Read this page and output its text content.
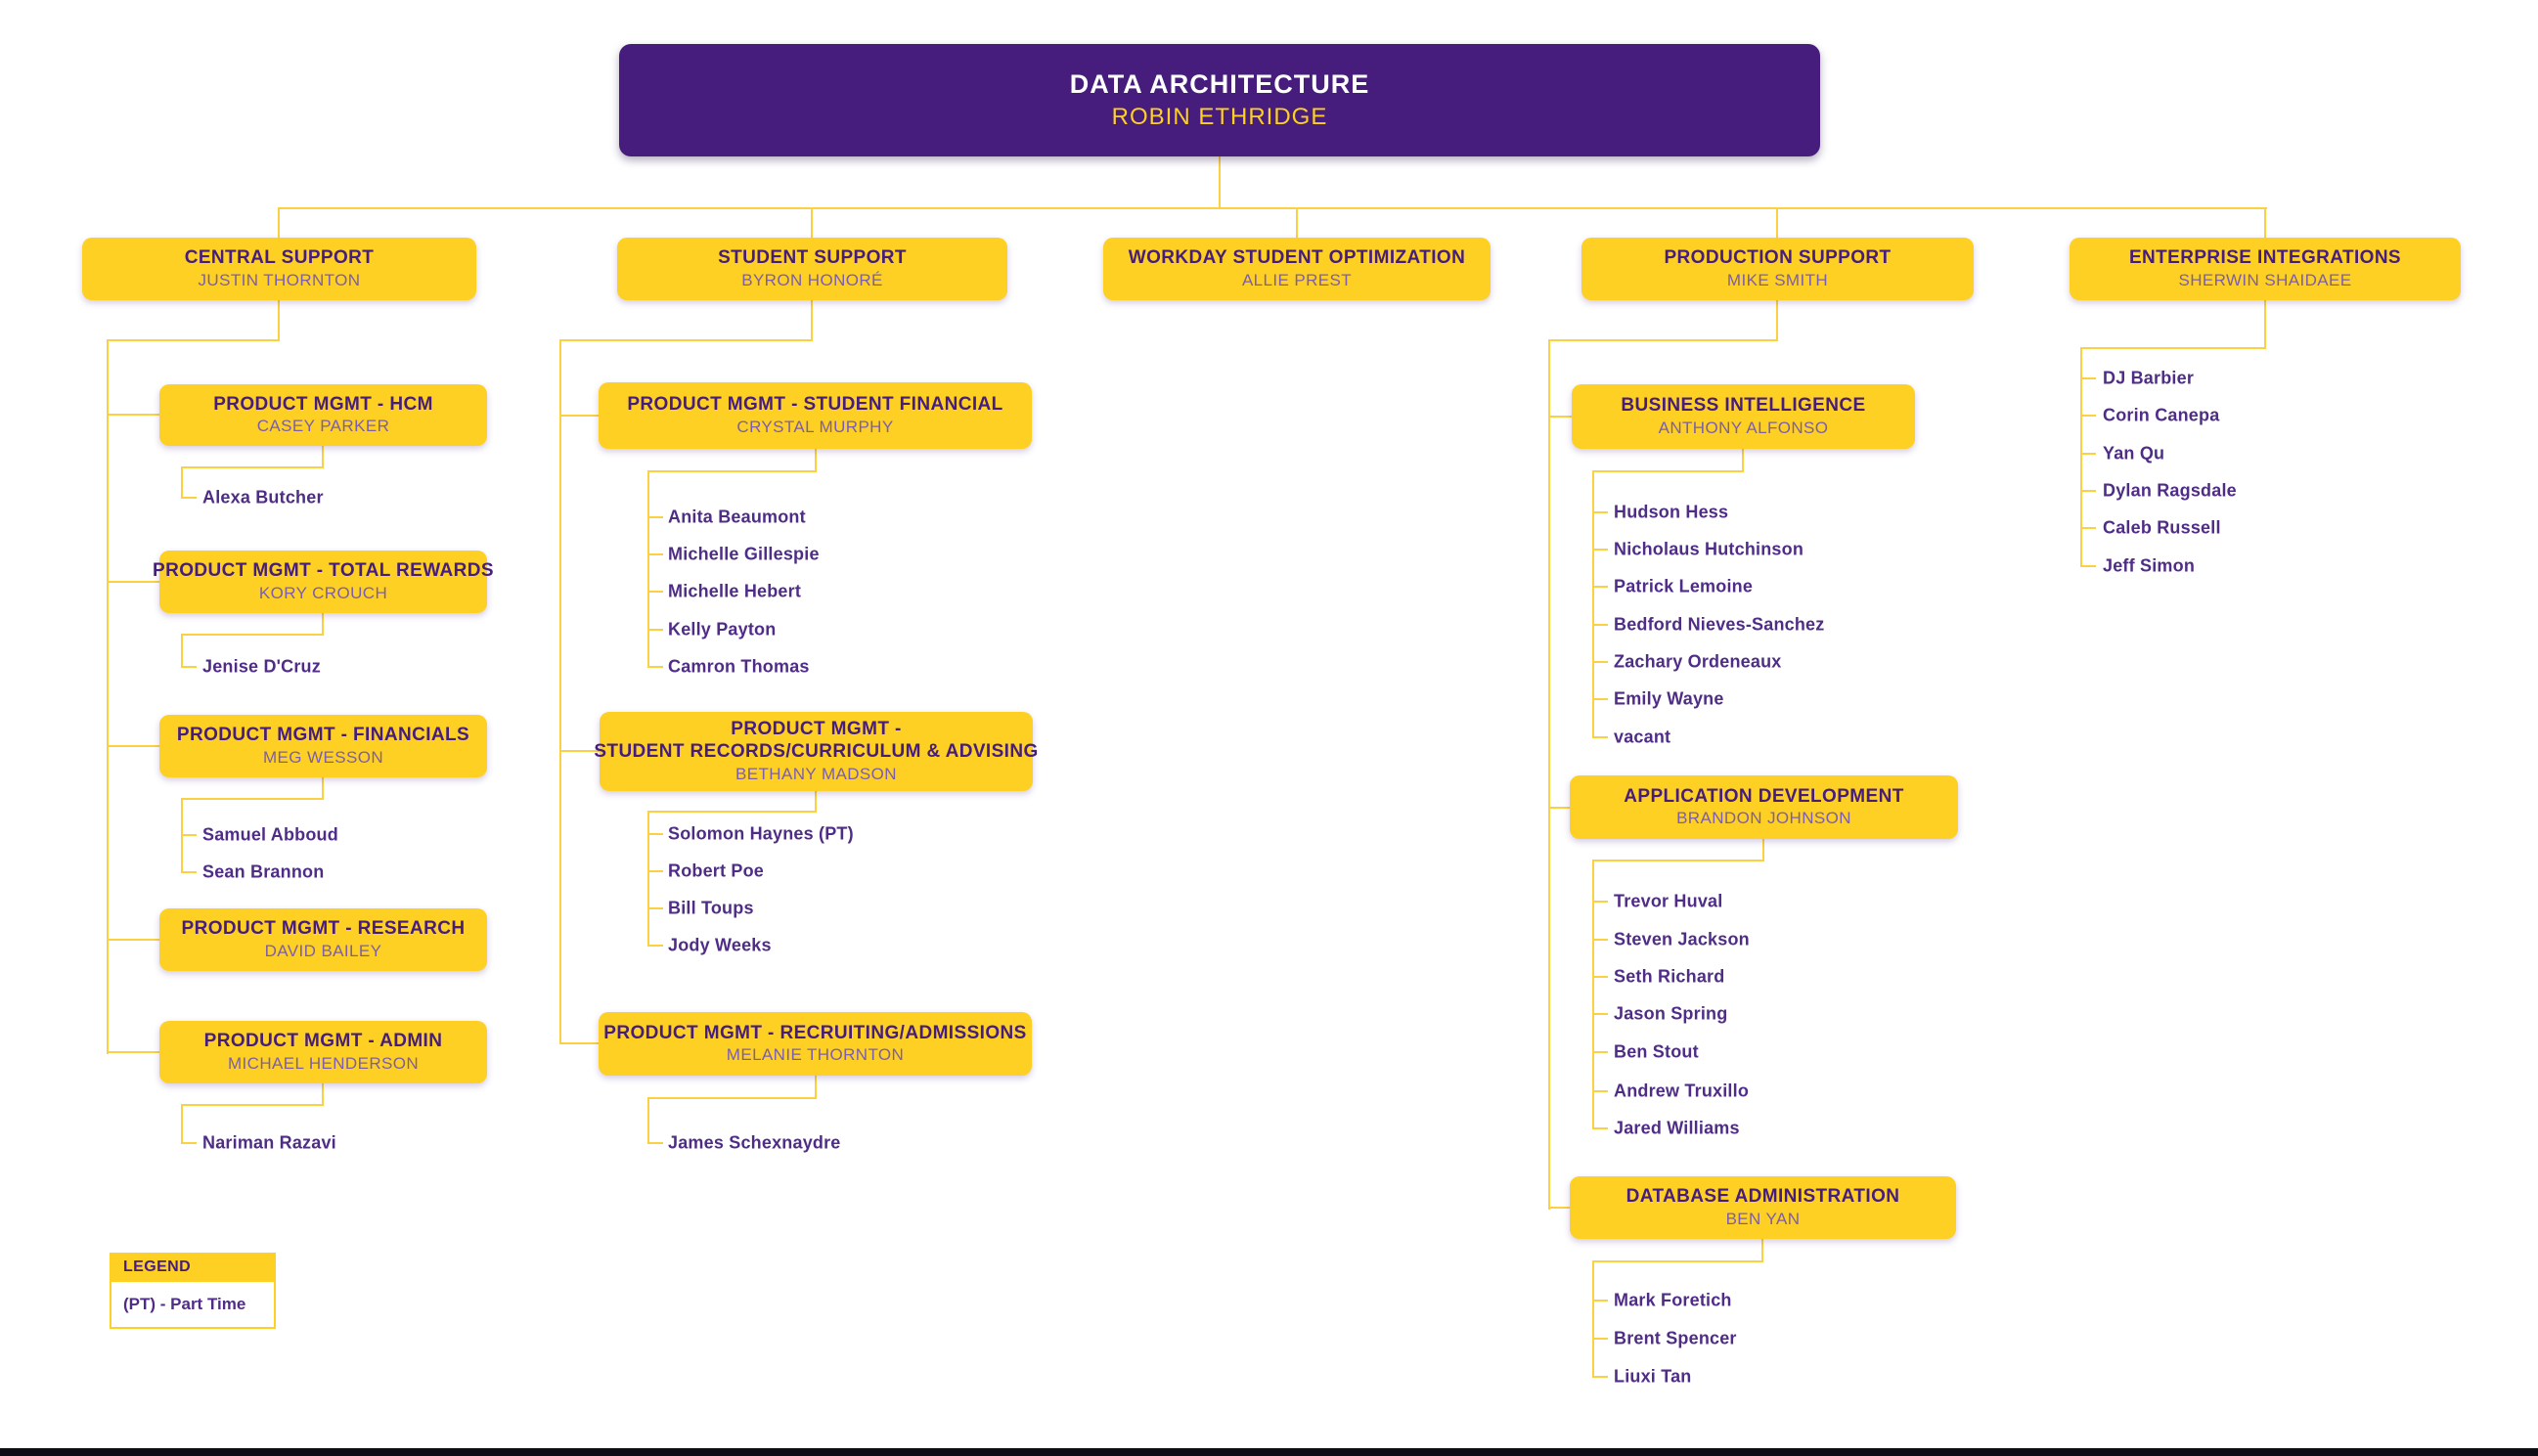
DATA ARCHITECTURE
ROBIN ETHRIDGE
CENTRAL SUPPORT
JUSTIN THORNTON
STUDENT SUPPORT
BYRON HONORÉ
WORKDAY STUDENT OPTIMIZATION
ALLIE PREST
PRODUCTION SUPPORT
MIKE SMITH
ENTERPRISE INTEGRATIONS
SHERWIN SHAIDAEE
PRODUCT MGMT - HCM
CASEY PARKER
PRODUCT MGMT - TOTAL REWARDS
KORY CROUCH
PRODUCT MGMT - FINANCIALS
MEG WESSON
PRODUCT MGMT - RESEARCH
DAVID BAILEY
PRODUCT MGMT - ADMIN
MICHAEL HENDERSON
PRODUCT MGMT - STUDENT FINANCIAL
CRYSTAL MURPHY
PRODUCT MGMT -
STUDENT RECORDS/CURRICULUM & ADVISING
BETHANY MADSON
PRODUCT MGMT - RECRUITING/ADMISSIONS
MELANIE THORNTON
BUSINESS INTELLIGENCE
ANTHONY ALFONSO
APPLICATION DEVELOPMENT
BRANDON JOHNSON
DATABASE ADMINISTRATION
BEN YAN
Alexa Butcher
Jenise D'Cruz
Samuel Abboud
Sean Brannon
Nariman Razavi
Anita Beaumont
Michelle Gillespie
Michelle Hebert
Kelly Payton
Camron Thomas
Solomon Haynes (PT)
Robert Poe
Bill Toups
Jody Weeks
James Schexnaydre
Hudson Hess
Nicholaus Hutchinson
Patrick Lemoine
Bedford Nieves-Sanchez
Zachary Ordeneaux
Emily Wayne
vacant
Trevor Huval
Steven Jackson
Seth Richard
Jason Spring
Ben Stout
Andrew Truxillo
Jared Williams
Mark Foretich
Brent Spencer
Liuxi Tan
DJ Barbier
Corin Canepa
Yan Qu
Dylan Ragsdale
Caleb Russell
Jeff Simon
LEGEND
(PT) - Part Time
